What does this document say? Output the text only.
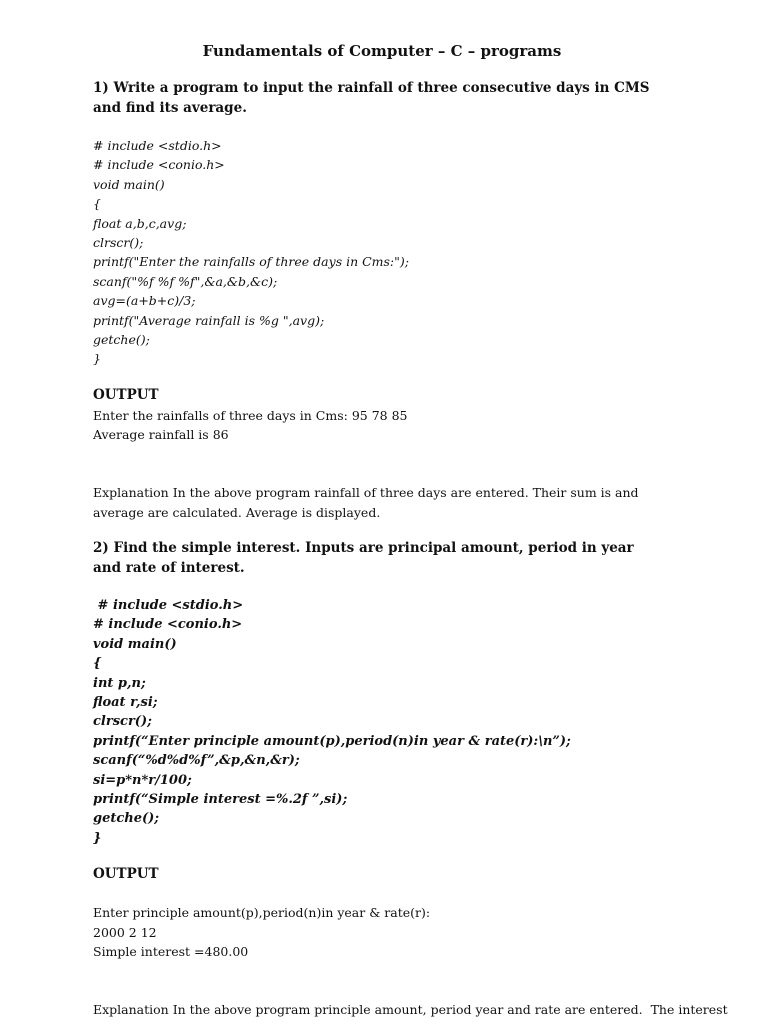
Fundamentals of Computer – C – programs
1) Write a program to input the rainfall of three consecutive days in CMS and find its average.
# include <stdio.h>
# include <conio.h>
void main()
{
float a,b,c,avg;
clrscr();
printf("Enter the rainfalls of three days in Cms:");
scanf("%f %f %f",&a,&b,&c);
avg=(a+b+c)/3;
printf("Average rainfall is %g ",avg);
getche();
}
OUTPUT
Enter the rainfalls of three days in Cms: 95 78 85
Average rainfall is 86
Explanation In the above program rainfall of three days are entered. Their sum is and average are calculated. Average is displayed.
2) Find the simple interest. Inputs are principal amount, period in year and rate of interest.
# include <stdio.h>
# include <conio.h>
void main()
{
int p,n;
float r,si;
clrscr();
printf(“Enter principle amount(p),period(n)in year & rate(r):\n”);
scanf(“%d%d%f”,&p,&n,&r);
si=p*n*r/100;
printf(“Simple interest =%.2f ”,si);
getche();
}
OUTPUT
Enter principle amount(p),period(n)in year & rate(r):
2000 2 12
Simple interest =480.00
Explanation In the above program principle amount, period year and rate are entered.  The interest
